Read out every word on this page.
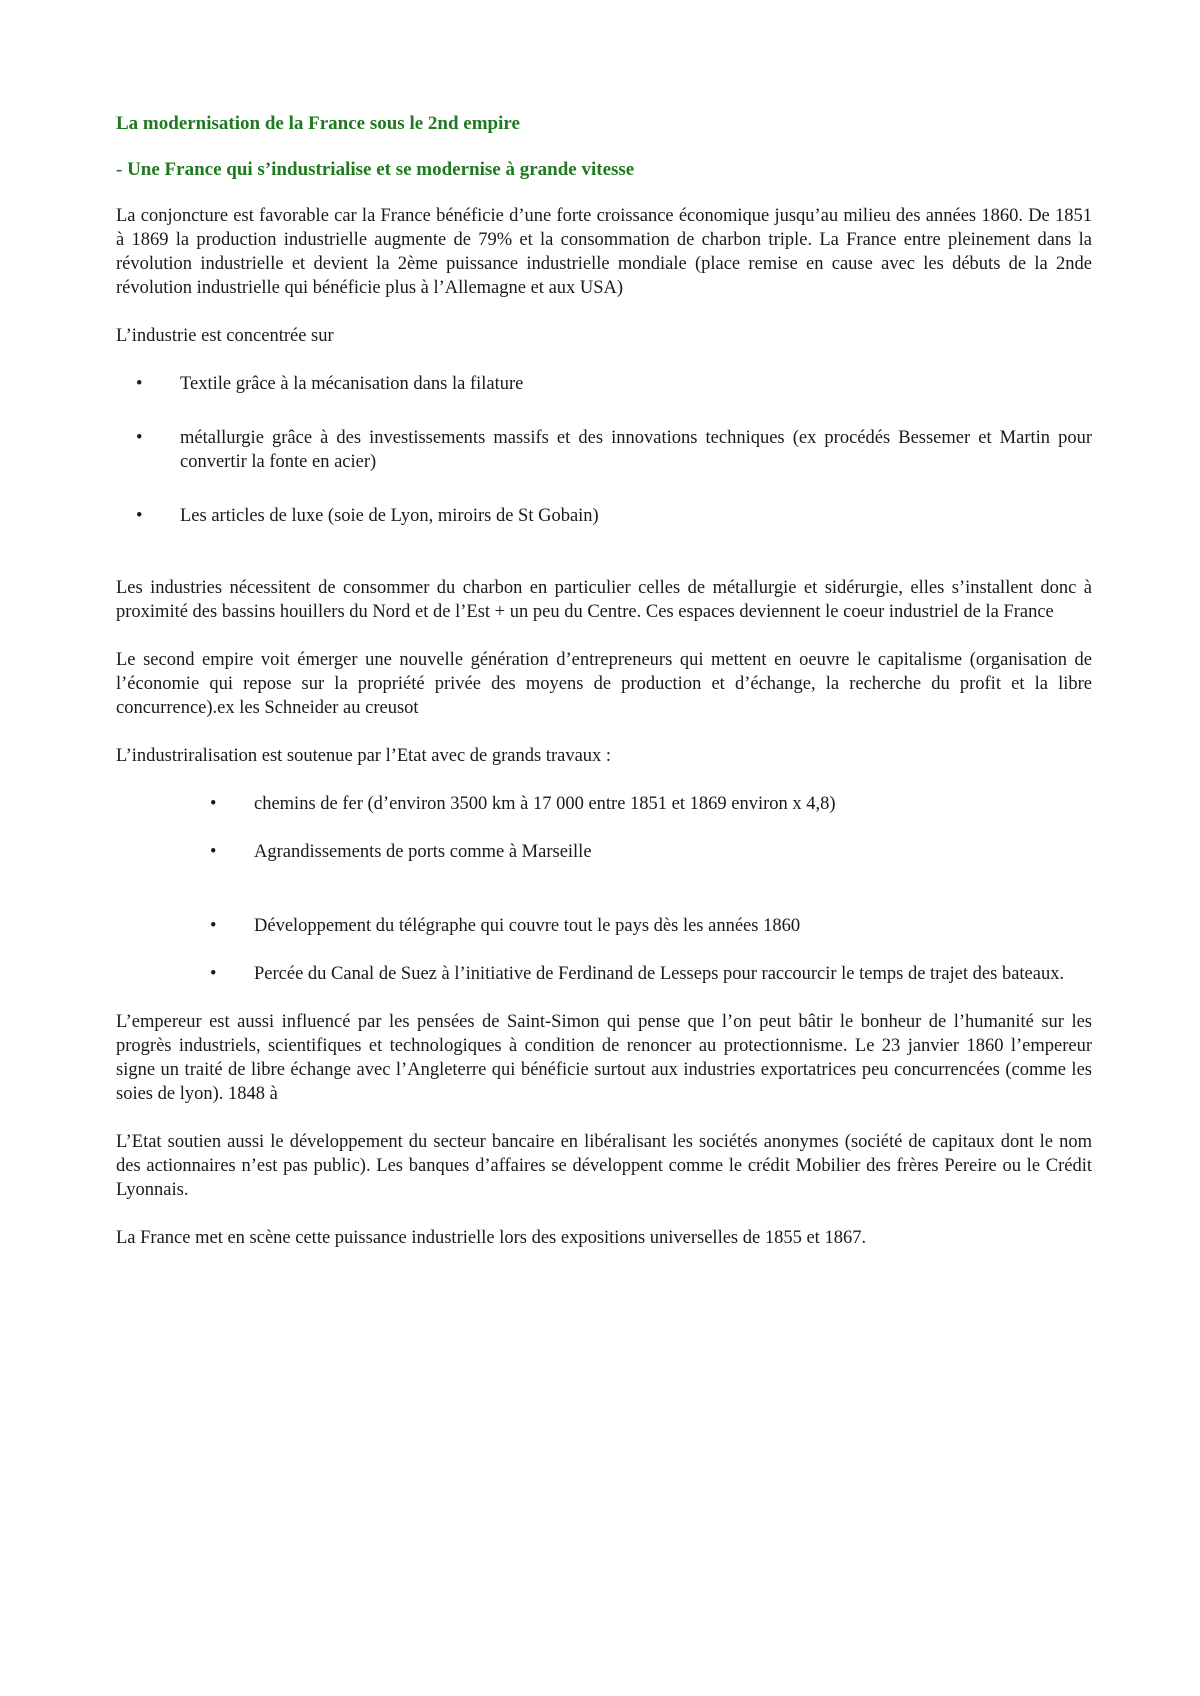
La modernisation de la France sous le 2nd empire
- Une France qui s’industrialise et se modernise à grande vitesse

La conjoncture est favorable car la France bénéficie d’une forte croissance économique jusqu’au milieu des années 1860. De 1851 à 1869 la production industrielle augmente de 79% et la consommation de charbon triple. La France entre pleinement dans la révolution industrielle et devient la 2ème puissance industrielle mondiale (place remise en cause avec les débuts de la 2nde révolution industrielle qui bénéficie plus à l’Allemagne et aux USA)

L’industrie est concentrée sur

• Textile grâce à la mécanisation dans la filature
• métallurgie grâce à des investissements massifs et des innovations techniques (ex procédés Bessemer et Martin pour convertir la fonte en acier)
• Les articles de luxe (soie de Lyon, miroirs de St Gobain)

Les industries nécessitent de consommer du charbon en particulier celles de métallurgie et sidérurgie, elles s’installent donc à proximité des bassins houillers du Nord et de l’Est + un peu du Centre. Ces espaces deviennent le coeur industriel de la France

Le second empire voit émerger une nouvelle génération d’entrepreneurs qui mettent en oeuvre le capitalisme (organisation de l’économie qui repose sur la propriété privée des moyens de production et d’échange, la recherche du profit et la libre concurrence).ex les Schneider au creusot

L’industriralisation est soutenue par l’Etat avec de grands travaux :

• chemins de fer (d’environ 3500 km à 17 000 entre 1851 et 1869 environ x 4,8)
• Agrandissements de ports comme à Marseille
• Développement du télégraphe qui couvre tout le pays dès les années 1860
• Percée du Canal de Suez à l’initiative de Ferdinand de Lesseps pour raccourcir le temps de trajet des bateaux.

L’empereur est aussi influencé par les pensées de Saint-Simon qui pense que l’on peut bâtir le bonheur de l’humanité sur les progrès industriels, scientifiques et technologiques à condition de renoncer au protectionnisme. Le 23 janvier 1860 l’empereur signe un traité de libre échange avec l’Angleterre qui bénéficie surtout aux industries exportatrices peu concurrencées (comme les soies de lyon). 1848 à

L’Etat soutien aussi le développement du secteur bancaire en libéralisant les sociétés anonymes (société de capitaux dont le nom des actionnaires n’est pas public). Les banques d’affaires se développent comme le crédit Mobilier des frères Pereire ou le Crédit Lyonnais.

La France met en scène cette puissance industrielle lors des expositions universelles de 1855 et 1867.
